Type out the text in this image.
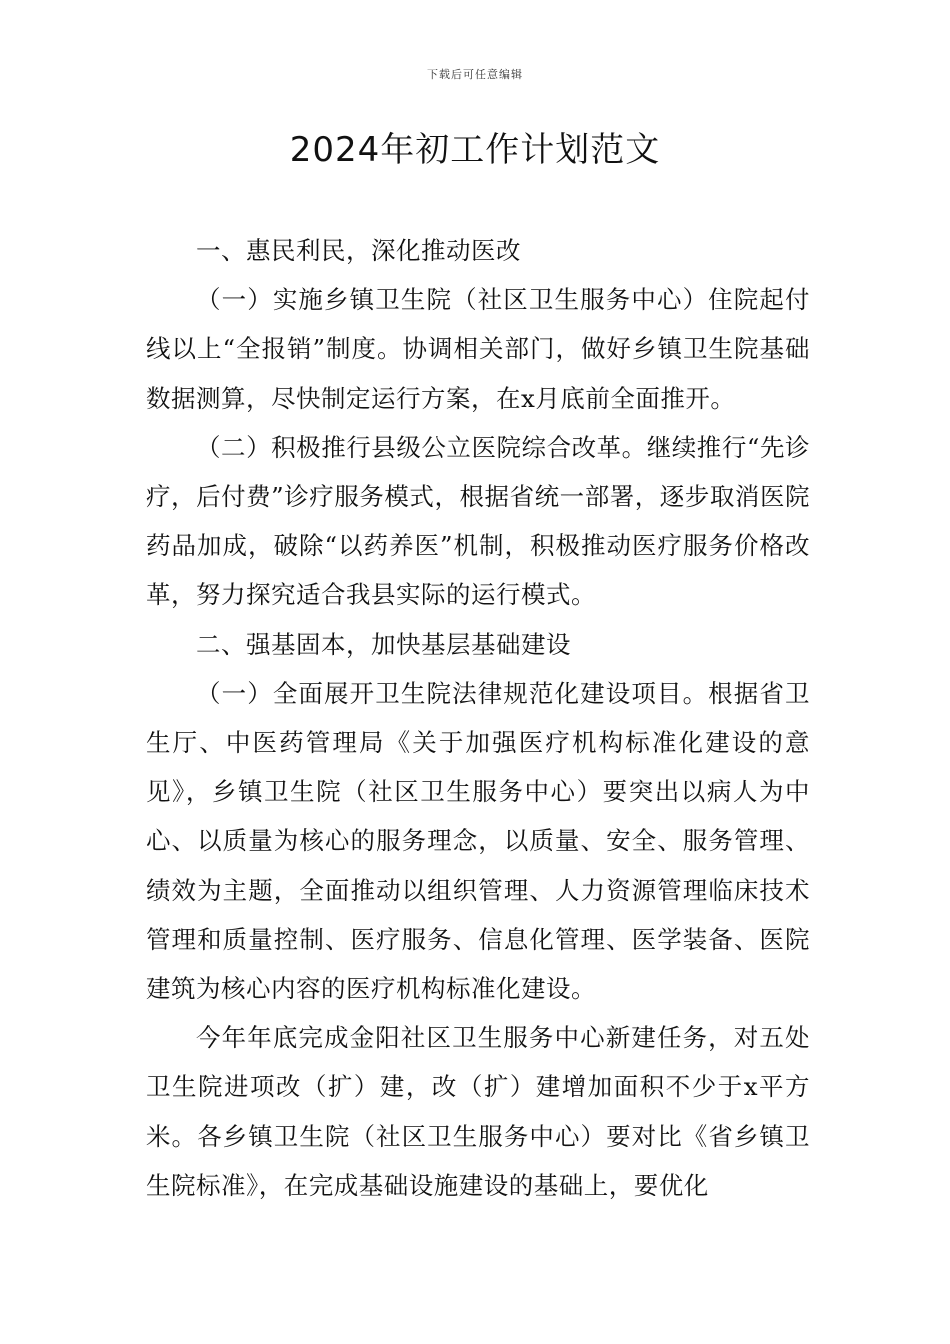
下载后可任意编辑
2024年初工作计划范文

一、惠民利民，深化推动医改

（一）实施乡镇卫生院（社区卫生服务中心）住院起付线以上“全报销”制度。协调相关部门，做好乡镇卫生院基础数据测算，尽快制定运行方案，在x月底前全面推开。

（二）积极推行县级公立医院综合改革。继续推行“先诊疗，后付费”诊疗服务模式，根据省统一部署，逐步取消医院药品加成，破除“以药养医”机制，积极推动医疗服务价格改革，努力探究适合我县实际的运行模式。

二、强基固本，加快基层基础建设

（一）全面展开卫生院法律规范化建设项目。根据省卫生厅、中医药管理局《关于加强医疗机构标准化建设的意见》，乡镇卫生院（社区卫生服务中心）要突出以病人为中心、以质量为核心的服务理念，以质量、安全、服务管理、绩效为主题，全面推动以组织管理、人力资源管理临床技术管理和质量控制、医疗服务、信息化管理、医学装备、医院建筑为核心内容的医疗机构标准化建设。

今年年底完成金阳社区卫生服务中心新建任务，对五处卫生院进项改（扩）建，改（扩）建增加面积不少于x平方米。各乡镇卫生院（社区卫生服务中心）要对比《省乡镇卫生院标准》，在完成基础设施建设的基础上，要优化
